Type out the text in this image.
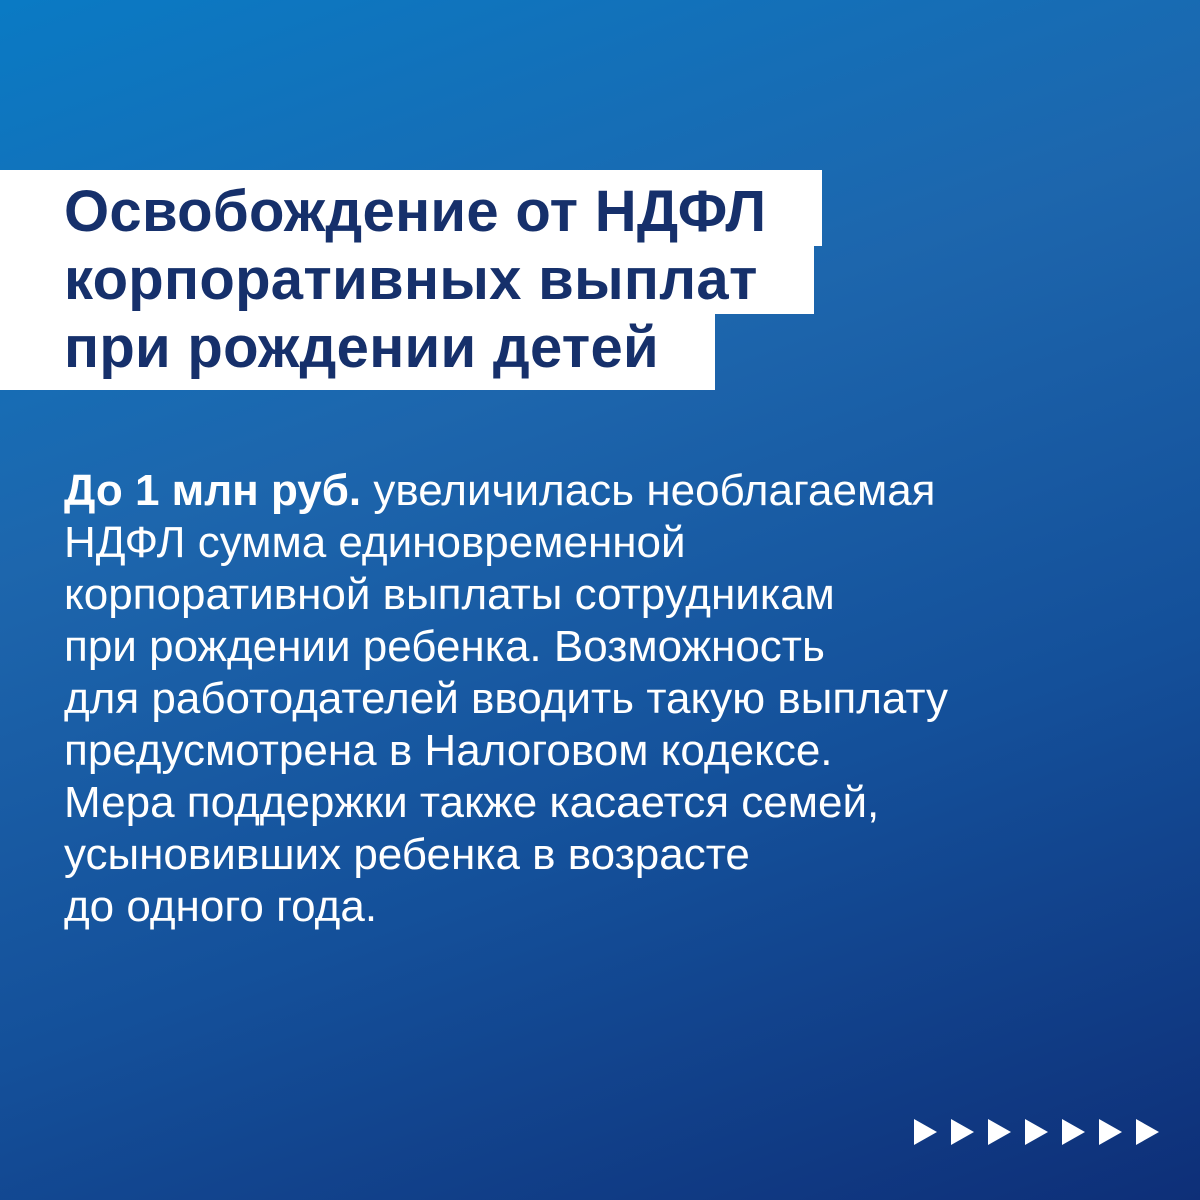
Освобождение от НДФЛ
корпоративных выплат
при рождении детей
До 1 млн руб. увеличилась необлагаемая
НДФЛ сумма единовременной
корпоративной выплаты сотрудникам
при рождении ребенка. Возможность
для работодателей вводить такую выплату
предусмотрена в Налоговом кодексе.
Мера поддержки также касается семей,
усыновивших ребенка в возрасте
до одного года.
